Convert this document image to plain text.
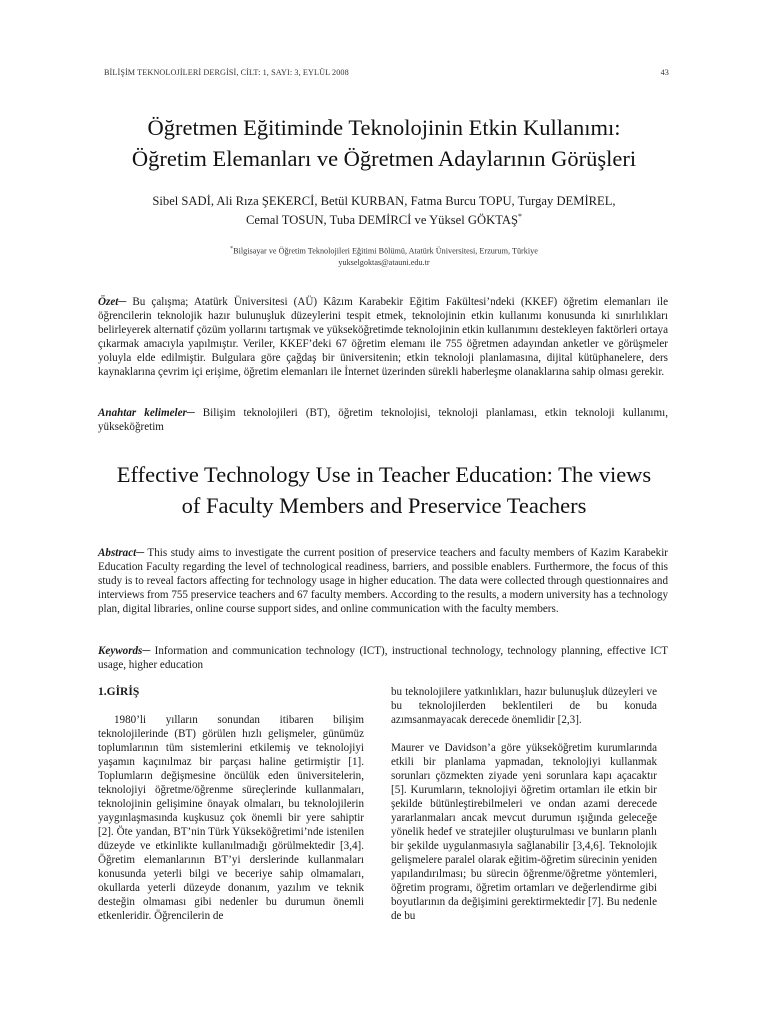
BİLİŞİM TEKNOLOJİLERİ DERGİSİ, CİLT: 1, SAYI: 3, EYLÜL 2008	43
Öğretmen Eğitiminde Teknolojinin Etkin Kullanımı:
Öğretim Elemanları ve Öğretmen Adaylarının Görüşleri
Sibel SADİ, Ali Rıza ŞEKERCİ, Betül KURBAN, Fatma Burcu TOPU, Turgay DEMİREL,
Cemal TOSUN, Tuba DEMİRCİ ve Yüksel GÖKTAŞ*
*Bilgisayar ve Öğretim Teknolojileri Eğitimi Bölümü, Atatürk Üniversitesi, Erzurum, Türkiye
yukselgoktas@atauni.edu.tr
Özet─ Bu çalışma; Atatürk Üniversitesi (AÜ) Kâzım Karabekir Eğitim Fakültesi’ndeki (KKEF) öğretim elemanları ile öğrencilerin teknolojik hazır bulunuşluk düzeylerini tespit etmek, teknolojinin etkin kullanımı konusunda ki sınırlılıkları belirleyerek alternatif çözüm yollarını tartışmak ve yükseköğretimde teknolojinin etkin kullanımını destekleyen faktörleri ortaya çıkarmak amacıyla yapılmıştır. Veriler, KKEF’deki 67 öğretim elemanı ile 755 öğretmen adayından anketler ve görüşmeler yoluyla elde edilmiştir. Bulgulara göre çağdaş bir üniversitenin; etkin teknoloji planlamasına, dijital kütüphanelere, ders kaynaklarına çevrim içi erişime, öğretim elemanları ile İnternet üzerinden sürekli haberleşme olanaklarına sahip olması gerekir.
Anahtar kelimeler─ Bilişim teknolojileri (BT), öğretim teknolojisi, teknoloji planlaması, etkin teknoloji kullanımı, yükseköğretim
Effective Technology Use in Teacher Education: The views
of Faculty Members and Preservice Teachers
Abstract─ This study aims to investigate the current position of preservice teachers and faculty members of Kazim Karabekir Education Faculty regarding the level of technological readiness, barriers, and possible enablers. Furthermore, the focus of this study is to reveal factors affecting for technology usage in higher education. The data were collected through questionnaires and interviews from 755 preservice teachers and 67 faculty members. According to the results, a modern university has a technology plan, digital libraries, online course support sides, and online communication with the faculty members.
Keywords─ Information and communication technology (ICT), instructional technology, technology planning, effective ICT usage, higher education

1.GİRİŞ

1980’li yılların sonundan itibaren bilişim teknolojilerinde (BT) görülen hızlı gelişmeler, günümüz toplumlarının tüm sistemlerini etkilemiş ve teknolojiyi yaşamın kaçınılmaz bir parçası haline getirmiştir [1]. Toplumların değişmesine öncülük eden üniversitelerin, teknolojiyi öğretme/öğrenme süreçlerinde kullanmaları, teknolojinin gelişimine önayak olmaları, bu teknolojilerin yaygınlaşmasında kuşkusuz çok önemli bir yere sahiptir [2]. Öte yandan, BT’nin Türk Yükseköğretimi’nde istenilen düzeyde ve etkinlikte kullanılmadığı görülmektedir [3,4]. Öğretim elemanlarının BT’yi derslerinde kullanmaları konusunda yeterli bilgi ve beceriye sahip olmamaları, okullarda yeterli düzeyde donanım, yazılım ve teknik desteğin olmaması gibi nedenler bu durumun önemli etkenleridir. Öğrencilerin de

bu teknolojilere yatkınlıkları, hazır bulunuşluk düzeyleri ve bu teknolojilerden beklentileri de bu konuda azımsanmayacak derecede önemlidir [2,3].

Maurer ve Davidson’a göre yükseköğretim kurumlarında etkili bir planlama yapmadan, teknolojiyi kullanmak sorunları çözmekten ziyade yeni sorunlara kapı açacaktır [5]. Kurumların, teknolojiyi öğretim ortamları ile etkin bir şekilde bütünleştirebilmeleri ve ondan azami derecede yararlanmaları ancak mevcut durumun ışığında geleceğe yönelik hedef ve stratejiler oluşturulması ve bunların planlı bir şekilde uygulanmasıyla sağlanabilir [3,4,6]. Teknolojik gelişmelere paralel olarak eğitim-öğretim sürecinin yeniden yapılandırılması; bu sürecin öğrenme/öğretme yöntemleri, öğretim programı, öğretim ortamları ve değerlendirme gibi boyutlarının da değişimini gerektirmektedir [7]. Bu nedenle de bu
